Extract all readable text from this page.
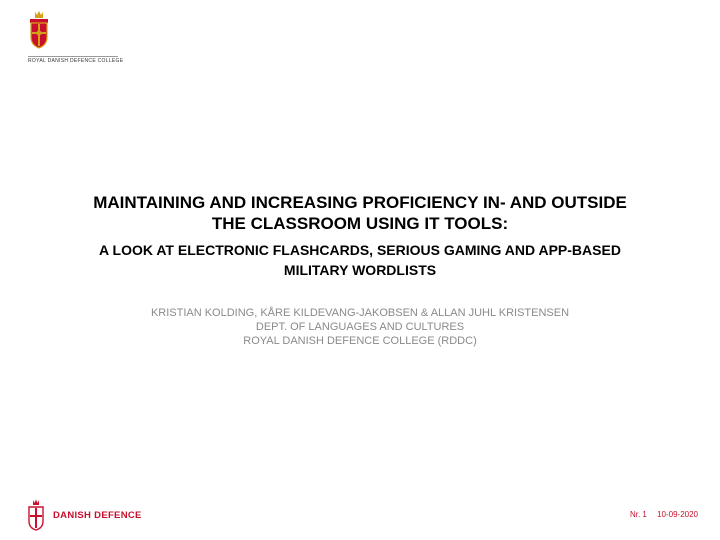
ROYAL DANISH DEFENCE COLLEGE
MAINTAINING AND INCREASING PROFICIENCY IN- AND OUTSIDE
THE CLASSROOM USING IT TOOLS:
A LOOK AT ELECTRONIC FLASHCARDS, SERIOUS GAMING AND APP-BASED
MILITARY WORDLISTS
KRISTIAN KOLDING, KÅRE KILDEVANG-JAKOBSEN & ALLAN JUHL KRISTENSEN
DEPT. OF LANGUAGES AND CULTURES
ROYAL DANISH DEFENCE COLLEGE (RDDC)
DANISH DEFENCE	Nr. 1 10-09-2020
